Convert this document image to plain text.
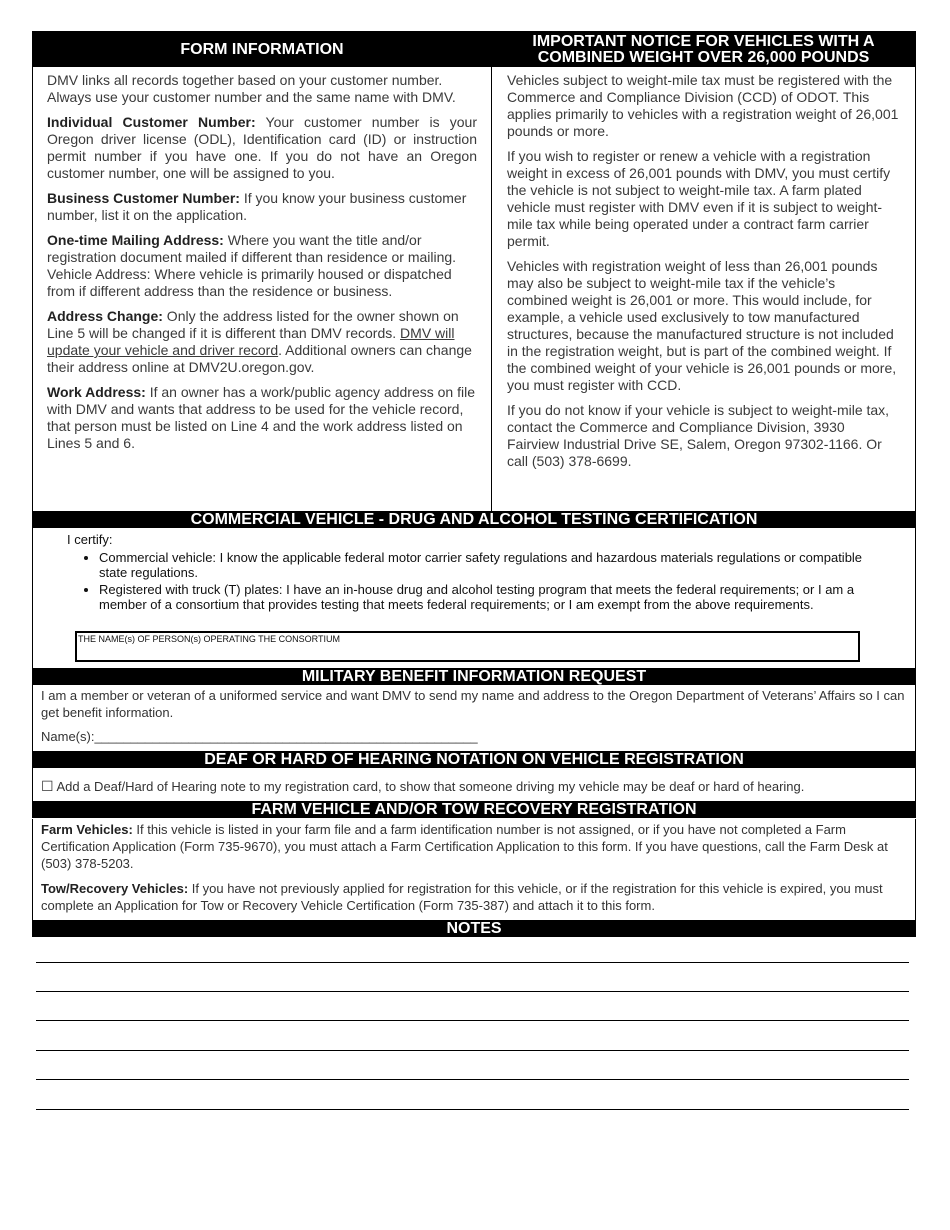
FORM INFORMATION

DMV links all records together based on your customer number. Always use your customer number and the same name with DMV.

Individual Customer Number: Your customer number is your Oregon driver license (ODL), Identification card (ID) or instruction permit number if you have one. If you do not have an Oregon customer number, one will be assigned to you.

Business Customer Number: If you know your business customer number, list it on the application.

One-time Mailing Address: Where you want the title and/or registration document mailed if different than residence or mailing. Vehicle Address: Where vehicle is primarily housed or dispatched from if different address than the residence or business.

Address Change: Only the address listed for the owner shown on Line 5 will be changed if it is different than DMV records. DMV will update your vehicle and driver record. Additional owners can change their address online at DMV2U.oregon.gov.

Work Address: If an owner has a work/public agency address on file with DMV and wants that address to be used for the vehicle record, that person must be listed on Line 4 and the work address listed on Lines 5 and 6.

IMPORTANT NOTICE FOR VEHICLES WITH A
COMBINED WEIGHT OVER 26,000 POUNDS

Vehicles subject to weight-mile tax must be registered with the Commerce and Compliance Division (CCD) of ODOT. This applies primarily to vehicles with a registration weight of 26,001 pounds or more.

If you wish to register or renew a vehicle with a registration weight in excess of 26,001 pounds with DMV, you must certify the vehicle is not subject to weight-mile tax. A farm plated vehicle must register with DMV even if it is subject to weight-mile tax while being operated under a contract farm carrier permit.

Vehicles with registration weight of less than 26,001 pounds may also be subject to weight-mile tax if the vehicle’s combined weight is 26,001 or more. This would include, for example, a vehicle used exclusively to tow manufactured structures, because the manufactured structure is not included in the registration weight, but is part of the combined weight. If the combined weight of your vehicle is 26,001 pounds or more, you must register with CCD.

If you do not know if your vehicle is subject to weight-mile tax, contact the Commerce and Compliance Division, 3930 Fairview Industrial Drive SE, Salem, Oregon 97302-1166. Or call (503) 378-6699.

COMMERCIAL VEHICLE - DRUG AND ALCOHOL TESTING CERTIFICATION
I certify:
• Commercial vehicle: I know the applicable federal motor carrier safety regulations and hazardous materials regulations or compatible state regulations.
• Registered with truck (T) plates: I have an in-house drug and alcohol testing program that meets the federal requirements; or I am a member of a consortium that provides testing that meets federal requirements; or I am exempt from the above requirements.
THE NAME(s) OF PERSON(s) OPERATING THE CONSORTIUM
MILITARY BENEFIT INFORMATION REQUEST
I am a member or veteran of a uniformed service and want DMV to send my name and address to the Oregon Department of Veterans’ Affairs so I can get benefit information.
Name(s):_____________________________________________________
DEAF OR HARD OF HEARING NOTATION ON VEHICLE REGISTRATION
☐ Add a Deaf/Hard of Hearing note to my registration card, to show that someone driving my vehicle may be deaf or hard of hearing.
FARM VEHICLE AND/OR TOW RECOVERY REGISTRATION

Farm Vehicles: If this vehicle is listed in your farm file and a farm identification number is not assigned, or if you have not completed a Farm Certification Application (Form 735-9670), you must attach a Farm Certification Application to this form. If you have questions, call the Farm Desk at (503) 378-5203.

Tow/Recovery Vehicles: If you have not previously applied for registration for this vehicle, or if the registration for this vehicle is expired, you must complete an Application for Tow or Recovery Vehicle Certification (Form 735-387) and attach it to this form.

NOTES
